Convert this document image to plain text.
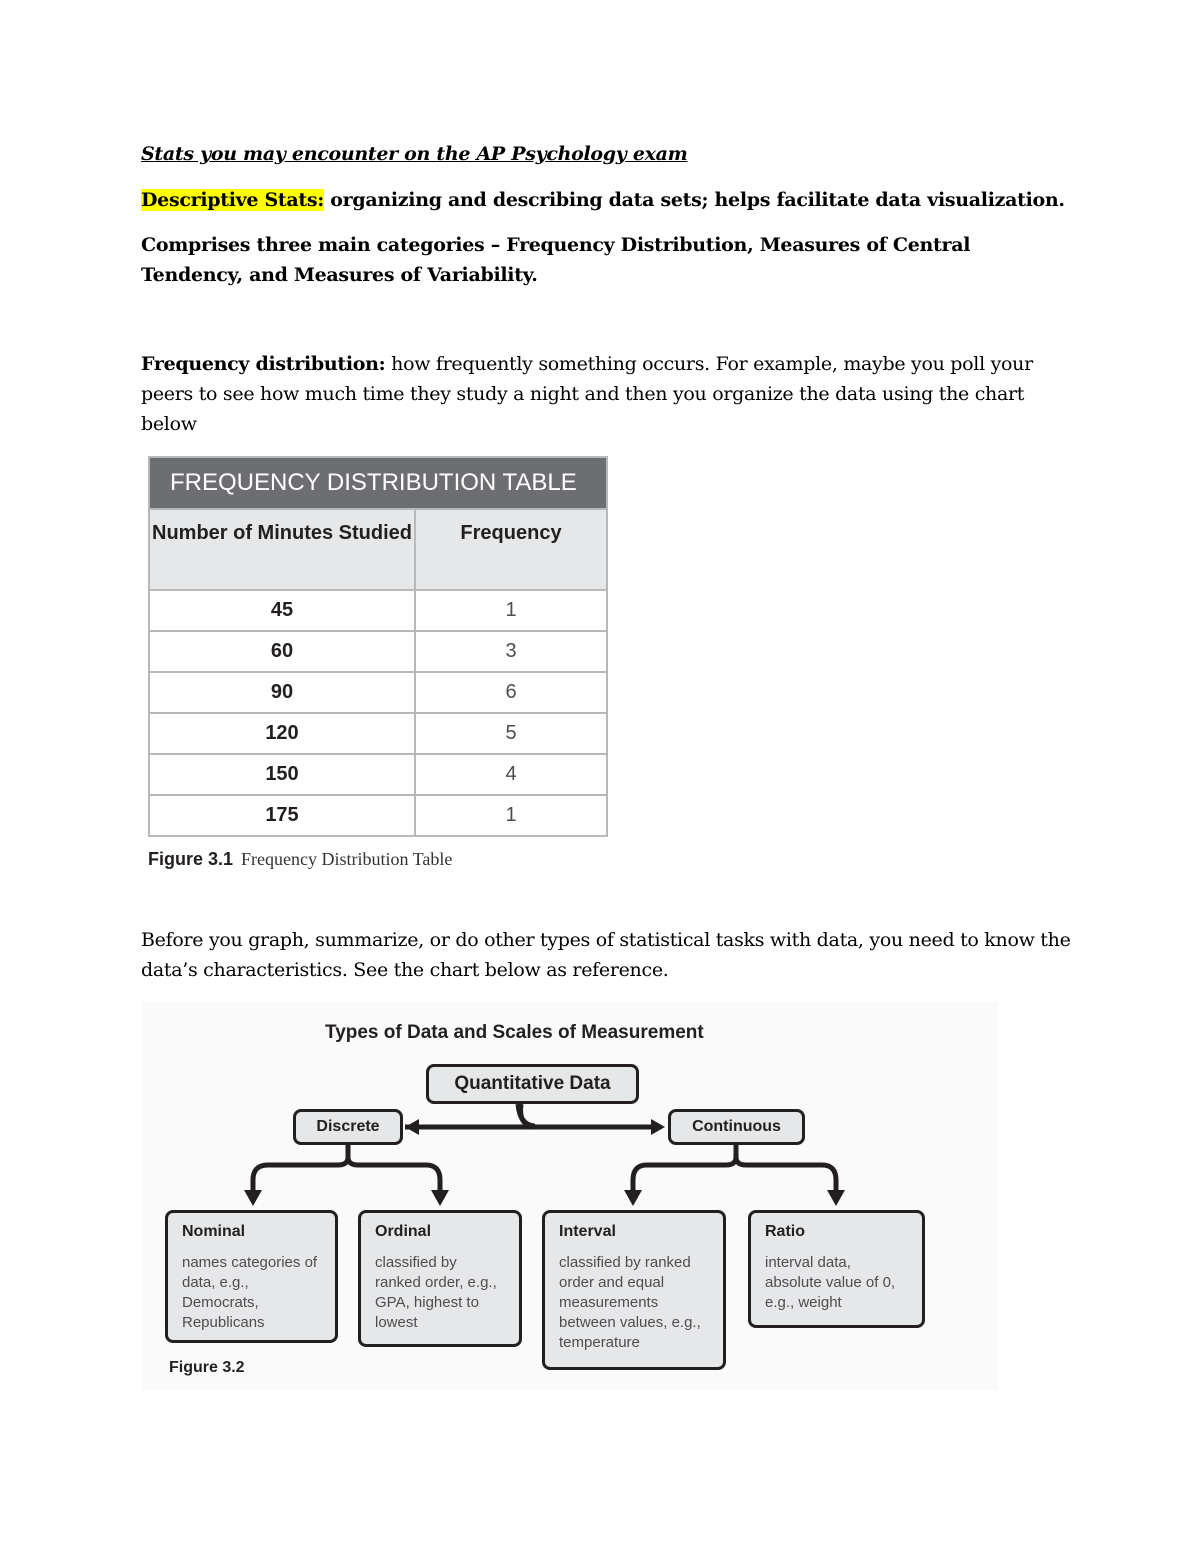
Stats you may encounter on the AP Psychology exam
Descriptive Stats: organizing and describing data sets; helps facilitate data visualization.
Comprises three main categories – Frequency Distribution, Measures of Central Tendency, and Measures of Variability.
Frequency distribution: how frequently something occurs. For example, maybe you poll your peers to see how much time they study a night and then you organize the data using the chart below
FREQUENCY DISTRIBUTION TABLE	
Number of Minutes Studied	Frequency
45	1
60	3
90	6
120	5
150	4
175	1
Figure 3.1 Frequency Distribution Table
Before you graph, summarize, or do other types of statistical tasks with data, you need to know the data’s characteristics. See the chart below as reference.
Types of Data and Scales of Measurement
Quantitative Data
Discrete	Continuous
Nominal
names categories of data, e.g., Democrats, Republicans
Ordinal
classified by ranked order, e.g., GPA, highest to lowest
Interval
classified by ranked order and equal measurements between values, e.g., temperature
Ratio
interval data, absolute value of 0, e.g., weight
Figure 3.2
